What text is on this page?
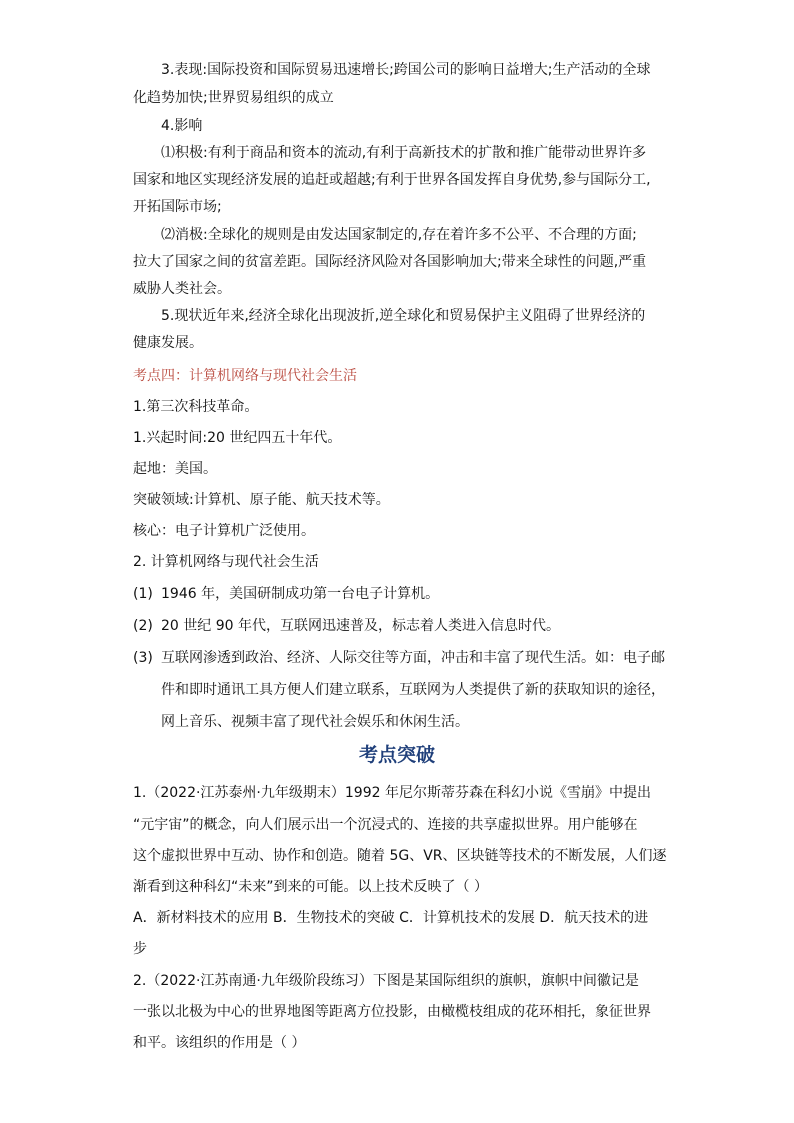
3.表现:国际投资和国际贸易迅速增长;跨国公司的影响日益增大;生产活动的全球
化趋势加快;世界贸易组织的成立
4.影响
⑴积极:有利于商品和资本的流动,有利于高新技术的扩散和推广能带动世界许多
国家和地区实现经济发展的追赶或超越;有利于世界各国发挥自身优势,参与国际分工,
开拓国际市场;
⑵消极:全球化的规则是由发达国家制定的,存在着许多不公平、不合理的方面;
拉大了国家之间的贫富差距。国际经济风险对各国影响加大;带来全球性的问题,严重
威胁人类社会。
5.现状近年来,经济全球化出现波折,逆全球化和贸易保护主义阻碍了世界经济的
健康发展。
考点四：计算机网络与现代社会生活
1.第三次科技革命。
1.兴起时间:20 世纪四五十年代。
起地：美国。
突破领域:计算机、原子能、航天技术等。
核心：电子计算机广泛使用。
2. 计算机网络与现代社会生活
(1) 1946 年，美国研制成功第一台电子计算机。
(2) 20 世纪 90 年代，互联网迅速普及，标志着人类进入信息时代。
(3) 互联网渗透到政治、经济、人际交往等方面，冲击和丰富了现代生活。如：电子邮
件和即时通讯工具方便人们建立联系，互联网为人类提供了新的获取知识的途径，
网上音乐、视频丰富了现代社会娱乐和休闲生活。
考点突破
1.（2022·江苏泰州·九年级期末）1992 年尼尔斯蒂芬森在科幻小说《雪崩》中提出
“元宇宙”的概念，向人们展示出一个沉浸式的、连接的共享虚拟世界。用户能够在
这个虚拟世界中互动、协作和创造。随着 5G、VR、区块链等技术的不断发展，人们逐
渐看到这种科幻“未来”到来的可能。以上技术反映了（ ）
A．新材料技术的应用 B．生物技术的突破 C．计算机技术的发展 D．航天技术的进
步
2.（2022·江苏南通·九年级阶段练习）下图是某国际组织的旗帜，旗帜中间徽记是
一张以北极为中心的世界地图等距离方位投影，由橄榄枝组成的花环相托，象征世界
和平。该组织的作用是（ ）
